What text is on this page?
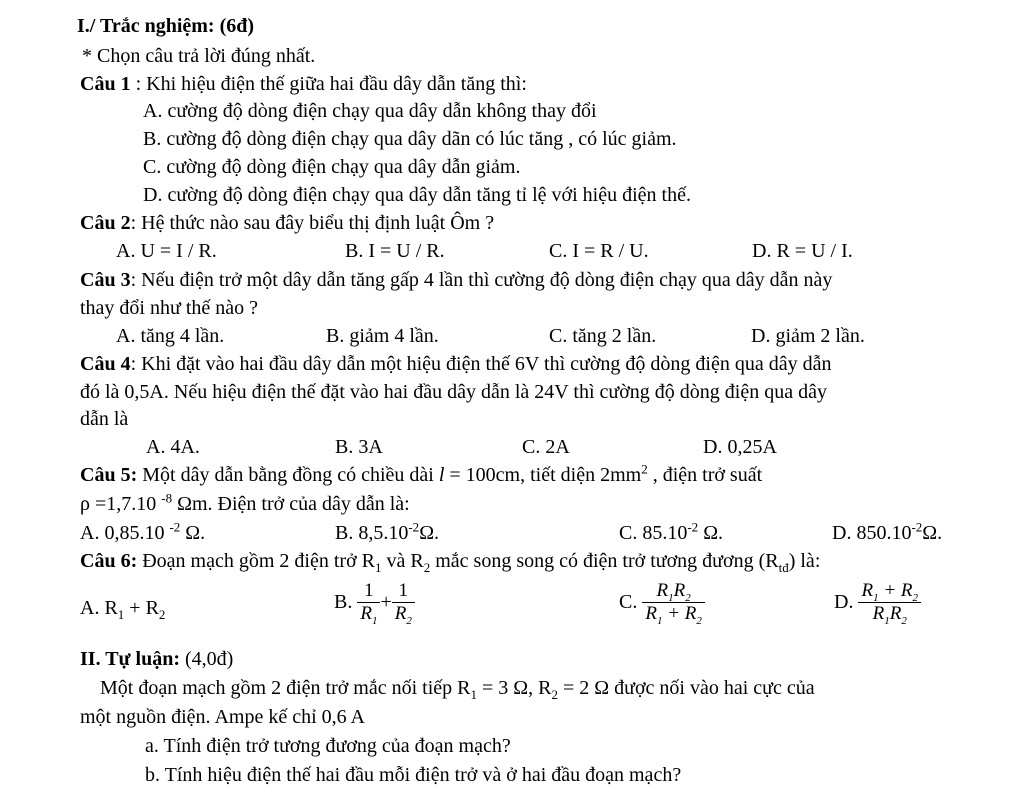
I./ Trắc nghiệm: (6đ)
* Chọn câu trả lời đúng nhất.
Câu 1 : Khi hiệu điện thế giữa hai đầu dây dẫn tăng thì:
A. cường độ dòng điện chạy qua dây dẫn không thay đổi
B. cường độ dòng điện chạy qua dây dãn có lúc tăng , có lúc giảm.
C. cường độ dòng điện chạy qua dây dẫn giảm.
D. cường độ dòng điện chạy qua dây dẫn tăng tỉ lệ với hiệu điện thế.
Câu 2: Hệ thức nào sau đây biểu thị định luật Ôm ?
A. U = I / R.	B. I = U / R.	C. I = R / U.	D. R = U / I.
Câu 3: Nếu điện trở một dây dẫn tăng gấp 4 lần thì cường độ dòng điện chạy qua dây dẫn này
thay đổi như thế nào ?
A. tăng 4 lần.	B. giảm 4 lần.	C. tăng 2 lần.	D. giảm 2 lần.
Câu 4: Khi đặt vào hai đầu dây dẫn một hiệu điện thế 6V thì cường độ dòng điện qua dây dẫn
đó là 0,5A. Nếu hiệu điện thế đặt vào hai đầu dây dẫn là 24V thì cường độ dòng điện qua dây
dẫn là
A. 4A.	B. 3A	C. 2A	D. 0,25A
Câu 5: Một dây dẫn bằng đồng có chiều dài l = 100cm, tiết diện $2mm^2$ , điện trở suất
ρ =1,7.10 $^{-8}$ Ωm. Điện trở của dây dẫn là:
A. 0,85.10 $^{-2}$ Ω.	B. $8,5.10^{-2}\Omega$.	C. $85.10^{-2}$ Ω.	D. $850.10^{-2}\Omega$.
Câu 6: Đoạn mạch gồm 2 điện trở $R_1$ và $R_2$ mắc song song có điện trở tương đương $(R_{tđ})$ là:
A. $R_1 + R_2$
B. $\frac{1}{R_1} + \frac{1}{R_2}$	C. $\frac{R_1R_2}{R_1 + R_2}$	D. $\frac{R_1 + R_2}{R_1R_2}$
II. Tự luận: (4,0đ)
Một đoạn mạch gồm 2 điện trở mắc nối tiếp $R_1 = 3$ Ω, $R_2 = 2$ Ω được nối vào hai cực của
một nguồn điện. Ampe kế chỉ 0,6 A
a. Tính điện trở tương đương của đoạn mạch?
b. Tính hiệu điện thế hai đầu mỗi điện trở và ở hai đầu đoạn mạch?
